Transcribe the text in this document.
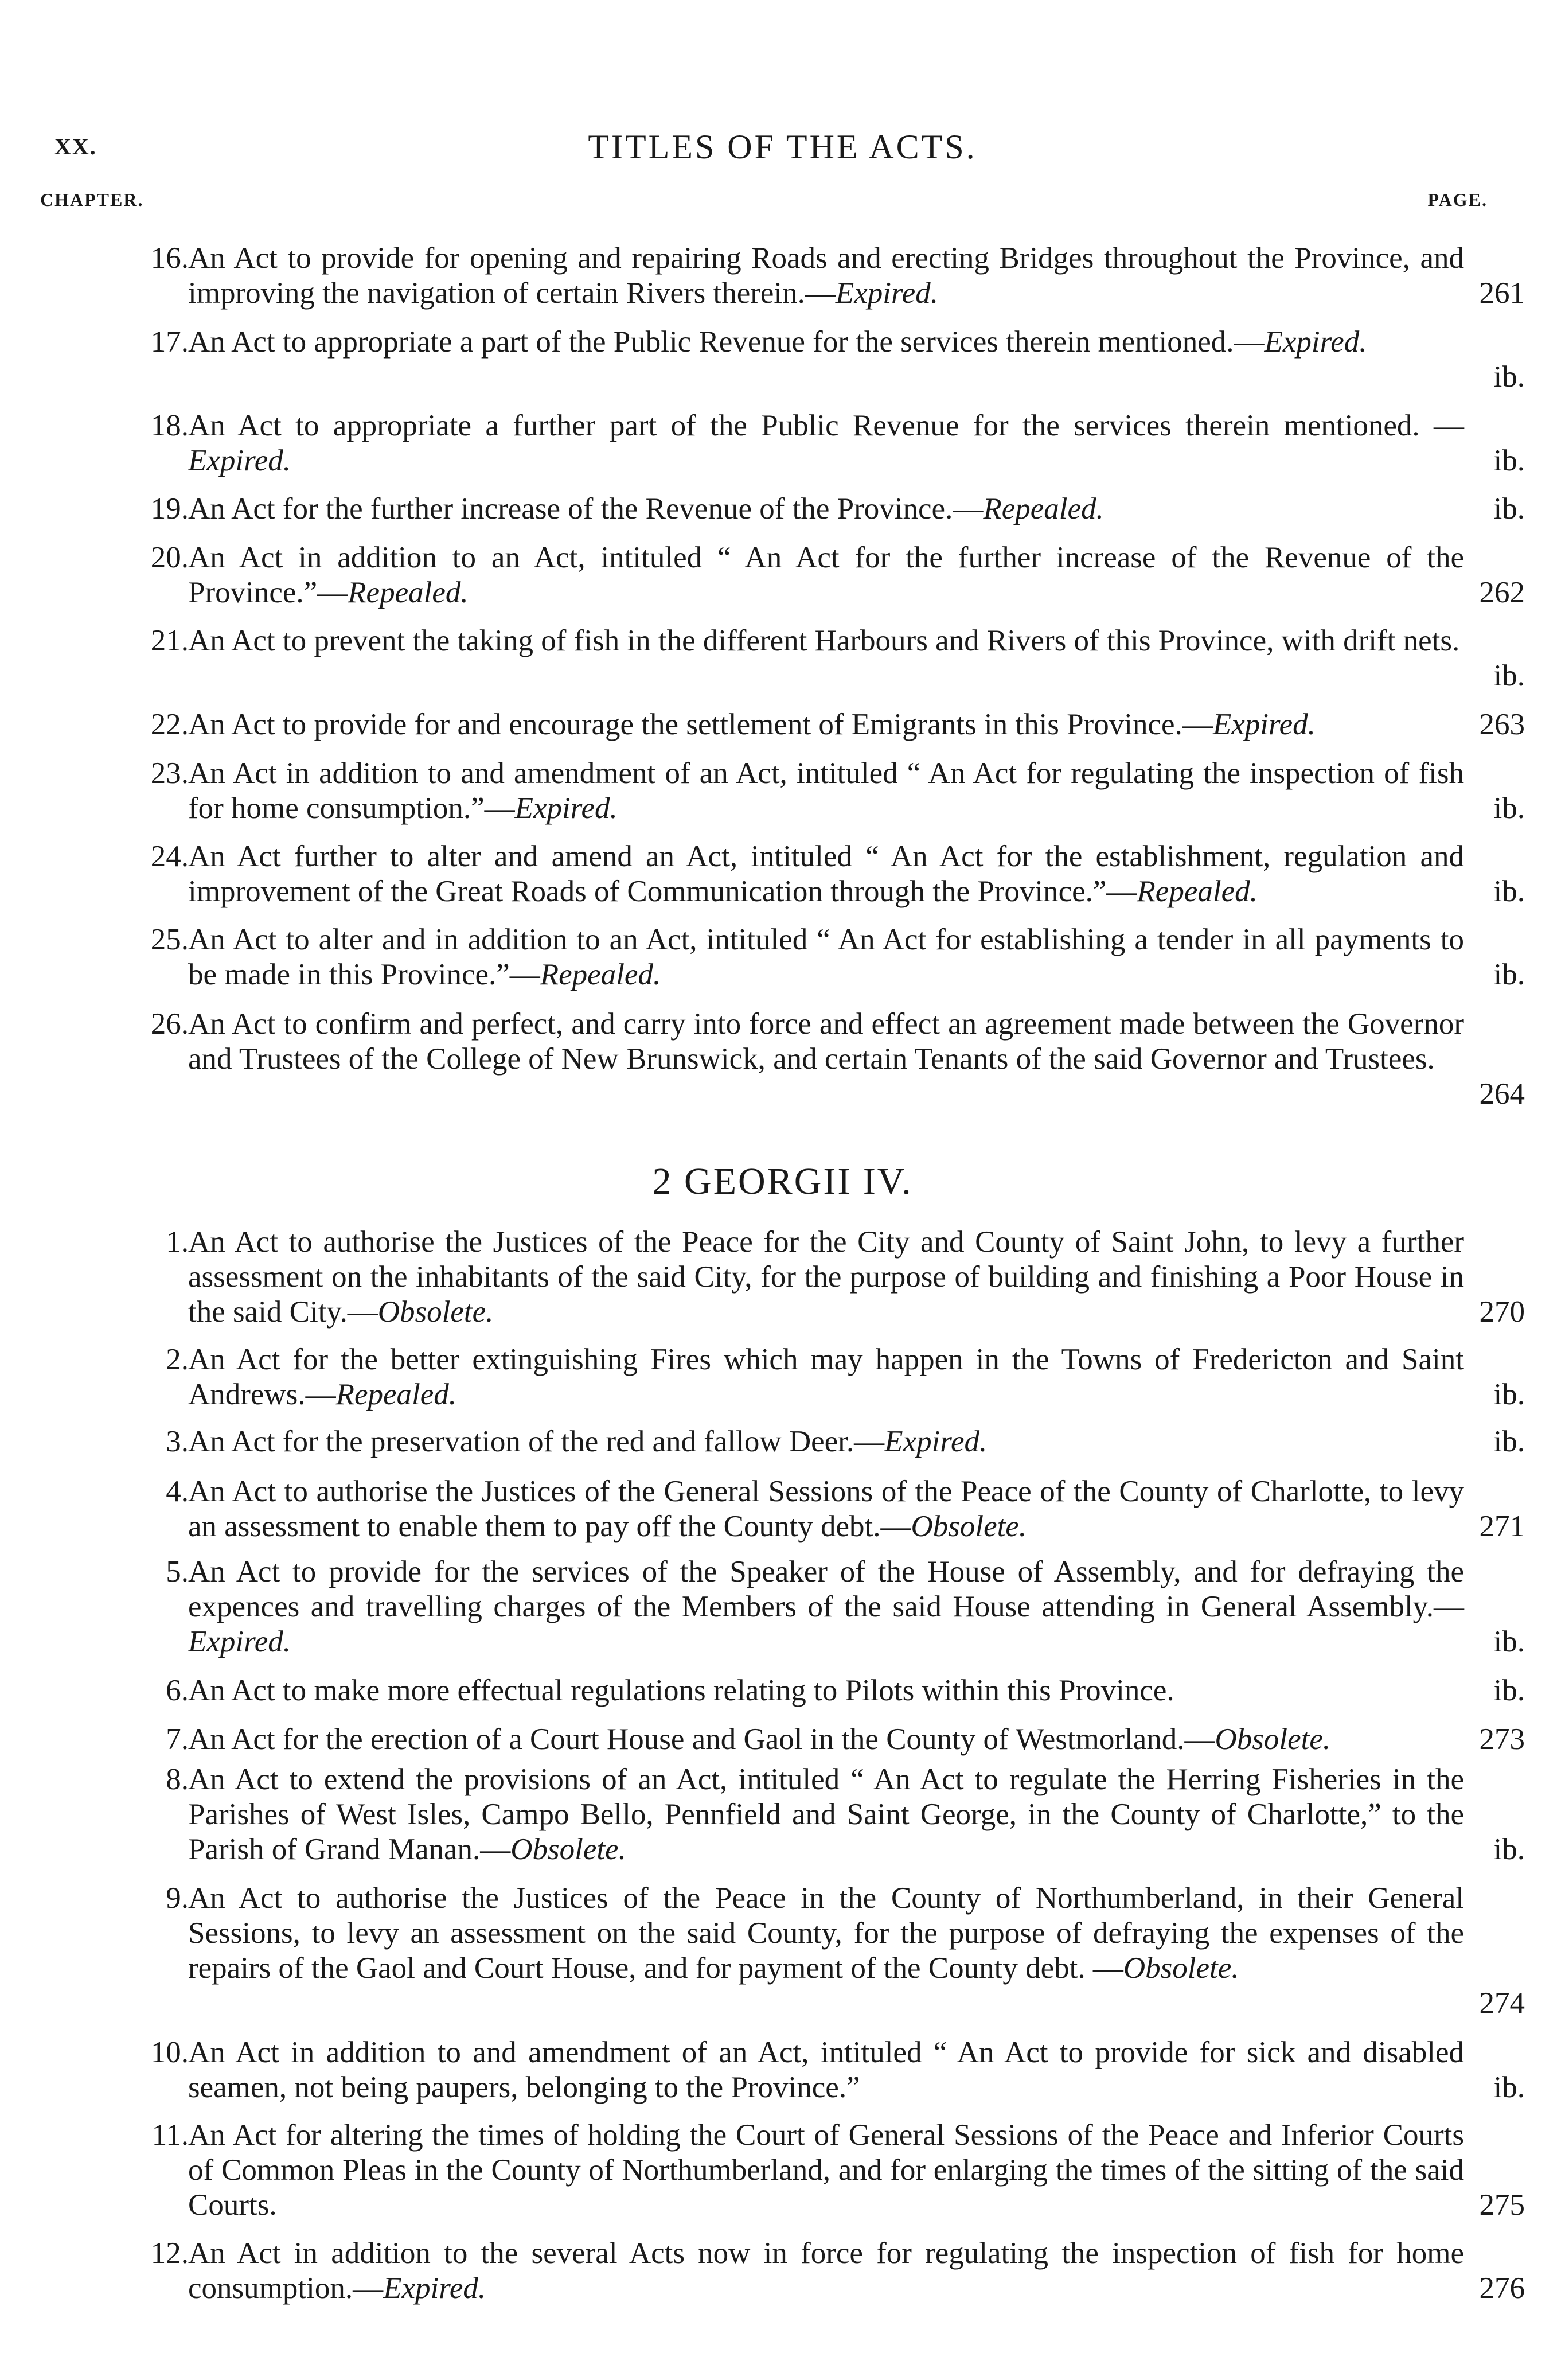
XX.	TITLES OF THE ACTS.
CHAPTER.	PAGE.
16. An Act to provide for opening and repairing Roads and erecting Bridges throughout the Province, and improving the navigation of certain Rivers therein.—Expired.	261
17. An Act to appropriate a part of the Public Revenue for the services therein mentioned.—Expired.
ib.
18. An Act to appropriate a further part of the Public Revenue for the services therein mentioned. —Expired.	ib.
19. An Act for the further increase of the Revenue of the Province.—Repealed.	ib.
20. An Act in addition to an Act, intituled “ An Act for the further increase of the Revenue of the Province.”—Repealed.	262
21. An Act to prevent the taking of fish in the different Harbours and Rivers of this Province, with drift nets.
ib.
22. An Act to provide for and encourage the settlement of Emigrants in this Province.—Expired.	263
23. An Act in addition to and amendment of an Act, intituled “ An Act for regulating the inspection of fish for home consumption.”—Expired.	ib.
24. An Act further to alter and amend an Act, intituled “ An Act for the establishment, regulation and improvement of the Great Roads of Communication through the Province.”—Repealed.	ib.
25. An Act to alter and in addition to an Act, intituled “ An Act for establishing a tender in all payments to be made in this Province.”—Repealed.	ib.
26. An Act to confirm and perfect, and carry into force and effect an agreement made between the Governor and Trustees of the College of New Brunswick, and certain Tenants of the said Governor and Trustees.
264
2 GEORGII IV.
1. An Act to authorise the Justices of the Peace for the City and County of Saint John, to levy a further assessment on the inhabitants of the said City, for the purpose of building and finishing a Poor House in the said City.—Obsolete.	270
2. An Act for the better extinguishing Fires which may happen in the Towns of Fredericton and Saint Andrews.—Repealed.	ib.
3. An Act for the preservation of the red and fallow Deer.—Expired.	ib.
4. An Act to authorise the Justices of the General Sessions of the Peace of the County of Charlotte, to levy an assessment to enable them to pay off the County debt.—Obsolete.	271
5. An Act to provide for the services of the Speaker of the House of Assembly, and for defraying the expences and travelling charges of the Members of the said House attending in General Assembly.—Expired.	ib.
6. An Act to make more effectual regulations relating to Pilots within this Province.	ib.
7. An Act for the erection of a Court House and Gaol in the County of Westmorland.—Obsolete.	273
8. An Act to extend the provisions of an Act, intituled “ An Act to regulate the Herring Fisheries in the Parishes of West Isles, Campo Bello, Pennfield and Saint George, in the County of Charlotte,” to the Parish of Grand Manan.—Obsolete.	ib.
9. An Act to authorise the Justices of the Peace in the County of Northumberland, in their General Sessions, to levy an assessment on the said County, for the purpose of defraying the expenses of the repairs of the Gaol and Court House, and for payment of the County debt. —Obsolete.
274
10. An Act in addition to and amendment of an Act, intituled “ An Act to provide for sick and disabled seamen, not being paupers, belonging to the Province.”	ib.
11. An Act for altering the times of holding the Court of General Sessions of the Peace and Inferior Courts of Common Pleas in the County of Northumberland, and for enlarging the times of the sitting of the said Courts.	275
12. An Act in addition to the several Acts now in force for regulating the inspection of fish for home consumption.—Expired.	276
